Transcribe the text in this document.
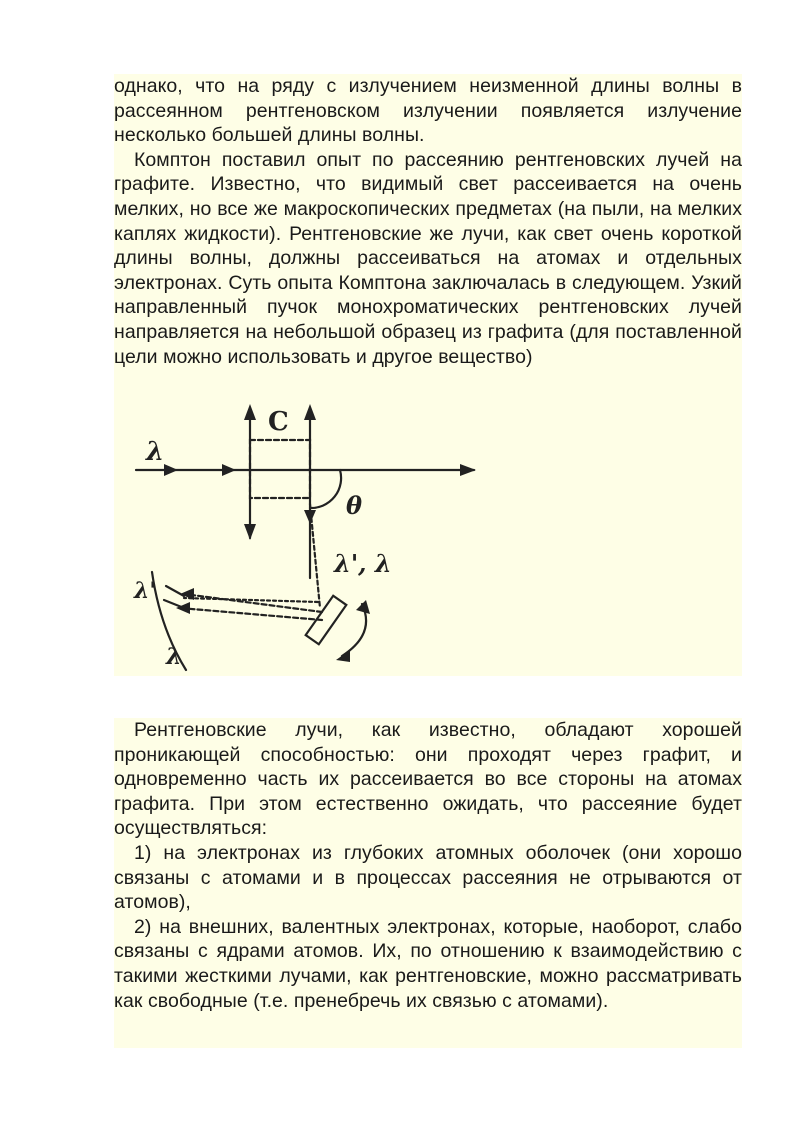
однако, что на ряду с излучением неизменной длины волны в рассеянном рентгеновском излучении появляется излучение несколько большей длины волны.

Комптон поставил опыт по рассеянию рентгеновских лучей на графите. Известно, что видимый свет рассеивается на очень мелких, но все же макроскопических предметах (на пыли, на мелких каплях жидкости). Рентгеновские же лучи, как свет очень короткой длины волны, должны рассеиваться на атомах и отдельных электронах. Суть опыта Комптона заключалась в следующем. Узкий направленный пучок монохроматических рентгеновских лучей направляется на небольшой образец из графита (для поставленной цели можно использовать и другое вещество)

λ
C
θ
λ', λ
λ'
λ

Рентгеновские лучи, как известно, обладают хорошей проникающей способностью: они проходят через графит, и одновременно часть их рассеивается во все стороны на атомах графита. При этом естественно ожидать, что рассеяние будет осуществляться:

1) на электронах из глубоких атомных оболочек (они хорошо связаны с атомами и в процессах рассеяния не отрываются от атомов),

2) на внешних, валентных электронах, которые, наоборот, слабо связаны с ядрами атомов. Их, по отношению к взаимодействию с такими жесткими лучами, как рентгеновские, можно рассматривать как свободные (т.е. пренебречь их связью с атомами).
